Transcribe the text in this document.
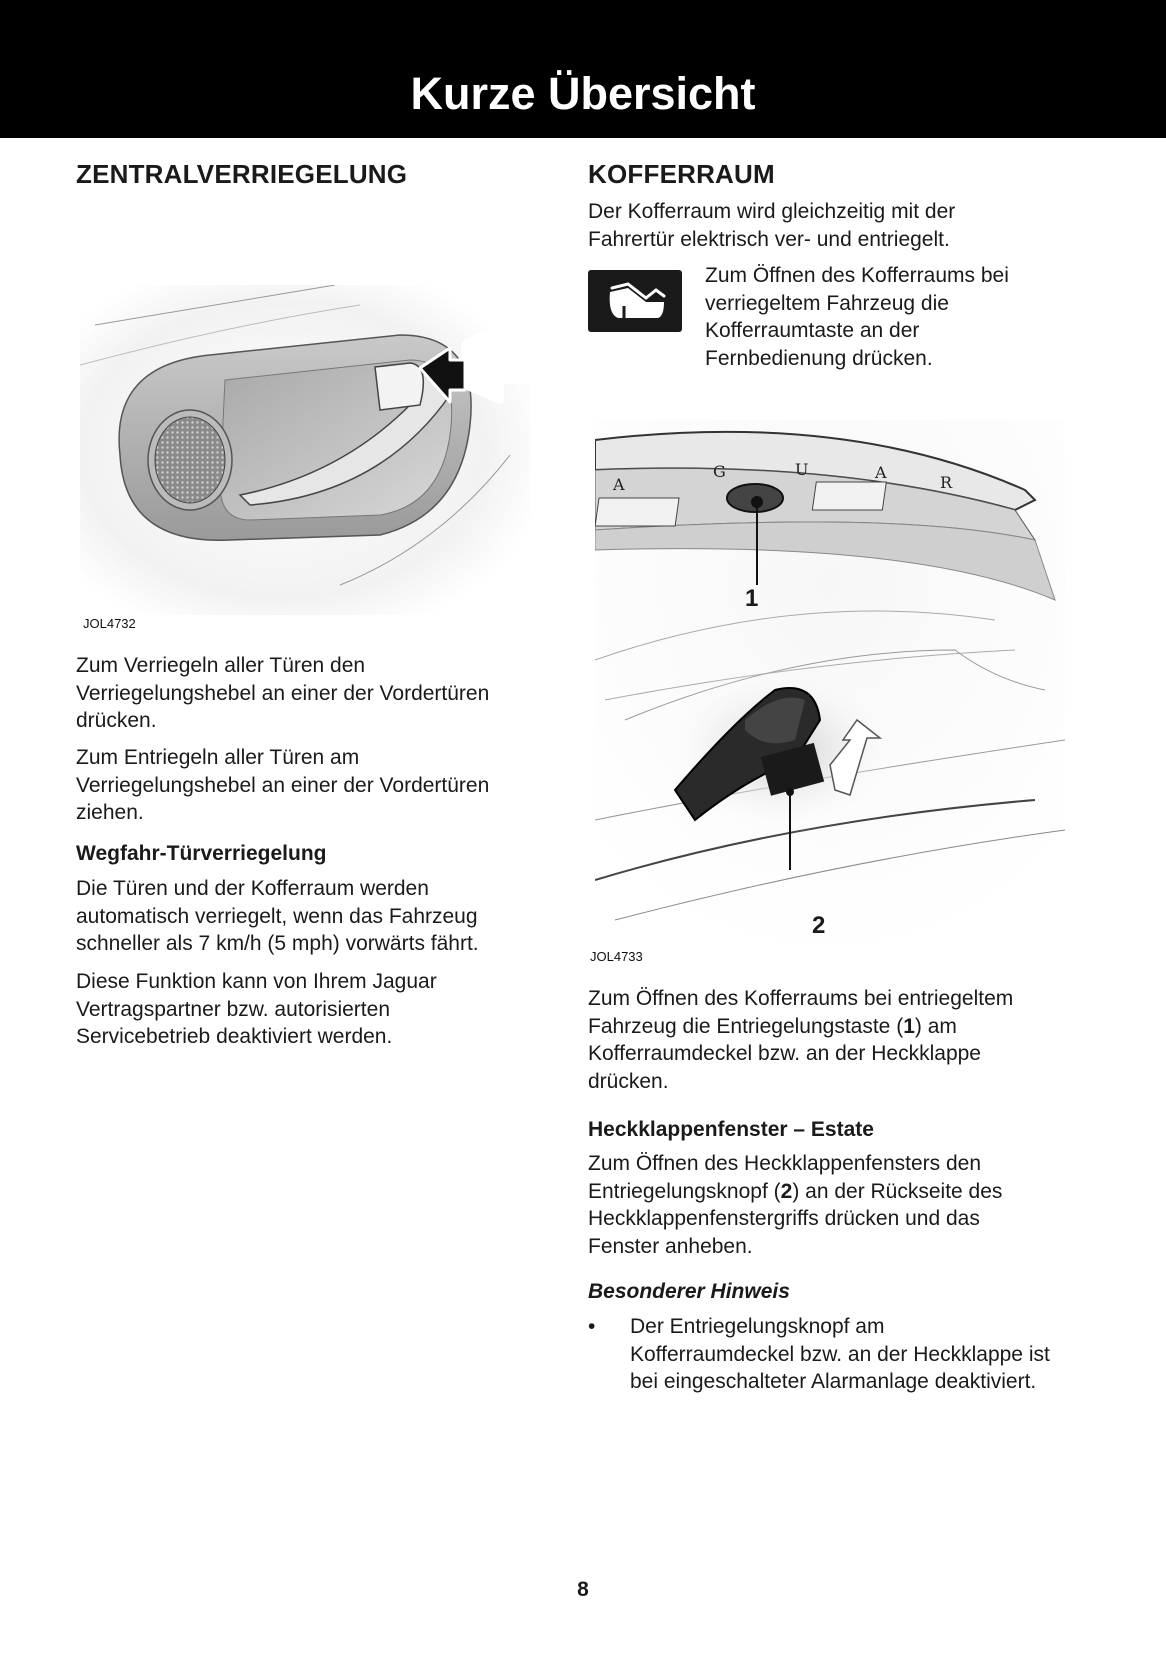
Kurze Übersicht
ZENTRALVERRIEGELUNG
JOL4732

Zum Verriegeln aller Türen den Verriegelungshebel an einer der Vordertüren drücken.

Zum Entriegeln aller Türen am Verriegelungshebel an einer der Vordertüren ziehen.

Wegfahr-Türverriegelung

Die Türen und der Kofferraum werden automatisch verriegelt, wenn das Fahrzeug schneller als 7 km/h (5 mph) vorwärts fährt.

Diese Funktion kann von Ihrem Jaguar Vertragspartner bzw. autorisierten Servicebetrieb deaktiviert werden.

KOFFERRAUM

Der Kofferraum wird gleichzeitig mit der Fahrertür elektrisch ver- und entriegelt.

Zum Öffnen des Kofferraums bei verriegeltem Fahrzeug die Kofferraumtaste an der Fernbedienung drücken.

A
G	U	A
R
1
2
JOL4733

Zum Öffnen des Kofferraums bei entriegeltem Fahrzeug die Entriegelungstaste (1) am Kofferraumdeckel bzw. an der Heckklappe drücken.

Heckklappenfenster – Estate

Zum Öffnen des Heckklappenfensters den Entriegelungsknopf (2) an der Rückseite des Heckklappenfenstergriffs drücken und das Fenster anheben.

Besonderer Hinweis
• Der Entriegelungsknopf am Kofferraumdeckel bzw. an der Heckklappe ist bei eingeschalteter Alarmanlage deaktiviert.

8
